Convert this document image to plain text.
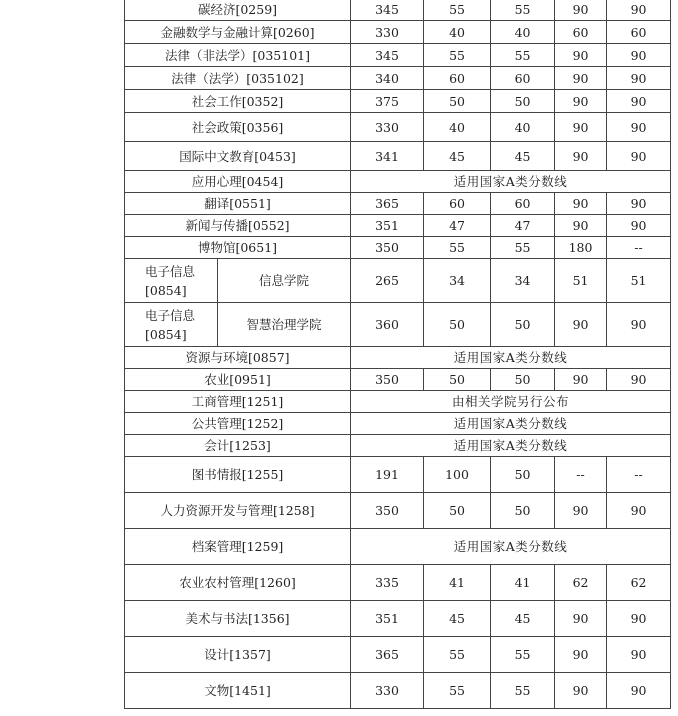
碳经济[0259]		345	55	55	90	90
金融数学与金融计算[0260]		330	40	40	60	60
法律（非法学）[035101]		345	55	55	90	90
法律（法学）[035102]		340	60	60	90	90
社会工作[0352]		375	50	50	90	90
社会政策[0356]		330	40	40	90	90
国际中文教育[0453]		341	45	45	90	90
应用心理[0454]		适用国家A类分数线				
翻译[0551]		365	60	60	90	90
新闻与传播[0552]		351	47	47	90	90
博物馆[0651]		350	55	55	180	--
电子信息[0854]	信息学院	265	34	34	51	51
电子信息[0854]	智慧治理学院	360	50	50	90	90
资源与环境[0857]		适用国家A类分数线				
农业[0951]		350	50	50	90	90
工商管理[1251]		由相关学院另行公布				
公共管理[1252]		适用国家A类分数线				
会计[1253]		适用国家A类分数线				
图书情报[1255]		191	100	50	--	--
人力资源开发与管理[1258]		350	50	50	90	90
档案管理[1259]		适用国家A类分数线				
农业农村管理[1260]		335	41	41	62	62
美术与书法[1356]		351	45	45	90	90
设计[1357]		365	55	55	90	90
文物[1451]		330	55	55	90	90
